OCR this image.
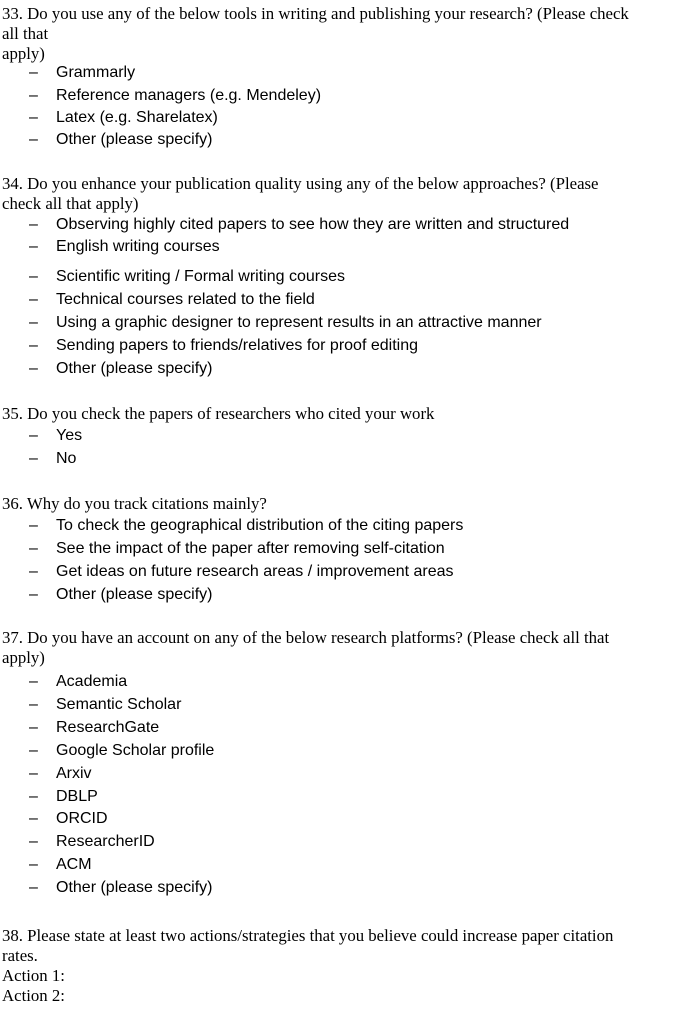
33. Do you use any of the below tools in writing and publishing your research? (Please check
all that
apply)
– Grammarly
– Reference managers (e.g. Mendeley)
– Latex (e.g. Sharelatex)
– Other (please specify)
34. Do you enhance your publication quality using any of the below approaches? (Please
check all that apply)
– Observing highly cited papers to see how they are written and structured
– English writing courses
– Scientific writing / Formal writing courses
– Technical courses related to the field
– Using a graphic designer to represent results in an attractive manner
– Sending papers to friends/relatives for proof editing
– Other (please specify)
35. Do you check the papers of researchers who cited your work
– Yes
– No
36. Why do you track citations mainly?
– To check the geographical distribution of the citing papers
– See the impact of the paper after removing self-citation
– Get ideas on future research areas / improvement areas
– Other (please specify)
37. Do you have an account on any of the below research platforms? (Please check all that
apply)
– Academia
– Semantic Scholar
– ResearchGate
– Google Scholar profile
– Arxiv
– DBLP
– ORCID
– ResearcherID
– ACM
– Other (please specify)
38. Please state at least two actions/strategies that you believe could increase paper citation
rates.
Action 1:
Action 2:
